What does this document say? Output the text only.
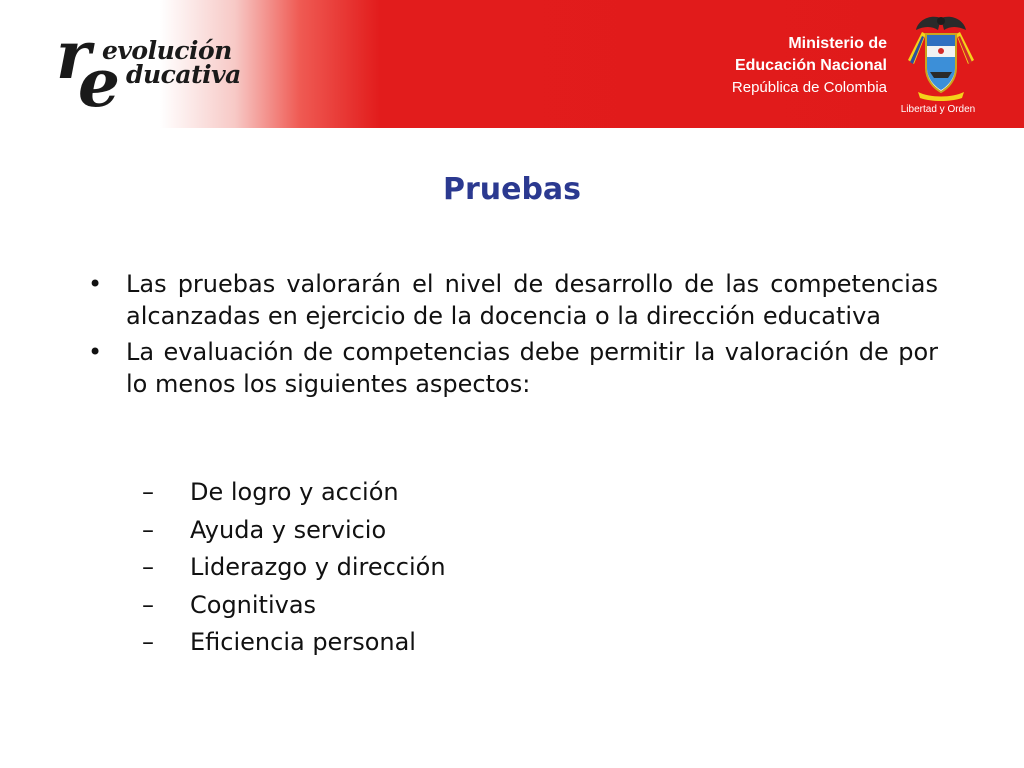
r evolución
e ducativa
Ministerio de
Educación Nacional
República de Colombia
Libertad y Orden
Pruebas
• Las pruebas valorarán el nivel de desarrollo de las competencias alcanzadas en ejercicio de la docencia o la dirección educativa
• La evaluación de competencias debe permitir la valoración de por lo menos los siguientes aspectos:
– De logro y acción
– Ayuda y servicio
– Liderazgo y dirección
– Cognitivas
– Eficiencia personal
